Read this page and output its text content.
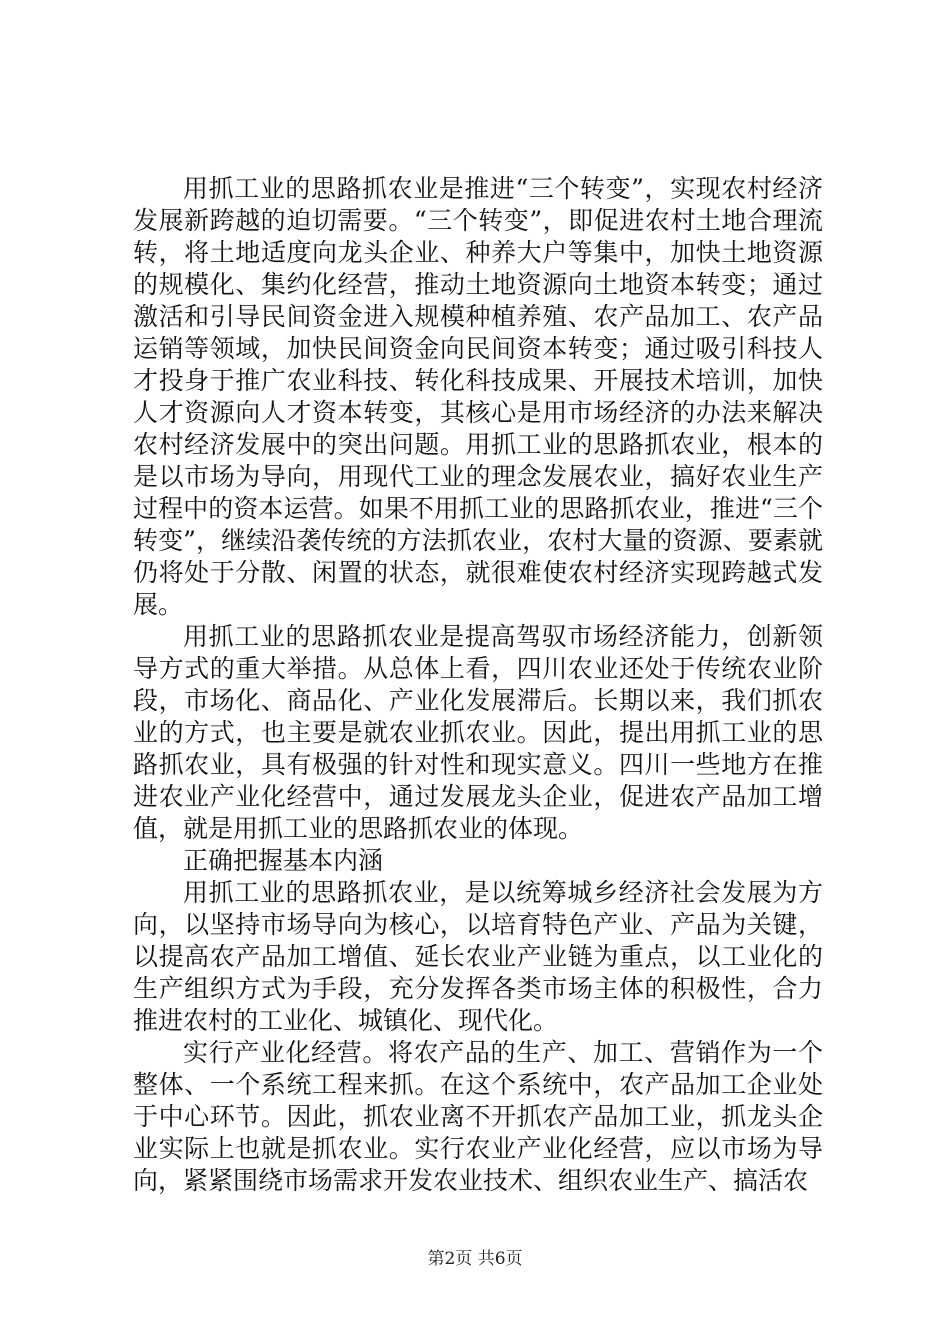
用抓工业的思路抓农业是推进“三个转变”，实现农村经济发展新跨越的迫切需要。“三个转变”，即促进农村土地合理流转，将土地适度向龙头企业、种养大户等集中，加快土地资源的规模化、集约化经营，推动土地资源向土地资本转变；通过激活和引导民间资金进入规模种植养殖、农产品加工、农产品运销等领域，加快民间资金向民间资本转变；通过吸引科技人才投身于推广农业科技、转化科技成果、开展技术培训，加快人才资源向人才资本转变，其核心是用市场经济的办法来解决农村经济发展中的突出问题。用抓工业的思路抓农业，根本的是以市场为导向，用现代工业的理念发展农业，搞好农业生产过程中的资本运营。如果不用抓工业的思路抓农业，推进“三个转变”，继续沿袭传统的方法抓农业，农村大量的资源、要素就仍将处于分散、闲置的状态，就很难使农村经济实现跨越式发展。

用抓工业的思路抓农业是提高驾驭市场经济能力，创新领导方式的重大举措。从总体上看，四川农业还处于传统农业阶段，市场化、商品化、产业化发展滞后。长期以来，我们抓农业的方式，也主要是就农业抓农业。因此，提出用抓工业的思路抓农业，具有极强的针对性和现实意义。四川一些地方在推进农业产业化经营中，通过发展龙头企业，促进农产品加工增值，就是用抓工业的思路抓农业的体现。

正确把握基本内涵

用抓工业的思路抓农业，是以统筹城乡经济社会发展为方向，以坚持市场导向为核心，以培育特色产业、产品为关键，以提高农产品加工增值、延长农业产业链为重点，以工业化的生产组织方式为手段，充分发挥各类市场主体的积极性，合力推进农村的工业化、城镇化、现代化。

实行产业化经营。将农产品的生产、加工、营销作为一个整体、一个系统工程来抓。在这个系统中，农产品加工企业处于中心环节。因此，抓农业离不开抓农产品加工业，抓龙头企业实际上也就是抓农业。实行农业产业化经营，应以市场为导向，紧紧围绕市场需求开发农业技术、组织农业生产、搞活农

第2页 共6页
